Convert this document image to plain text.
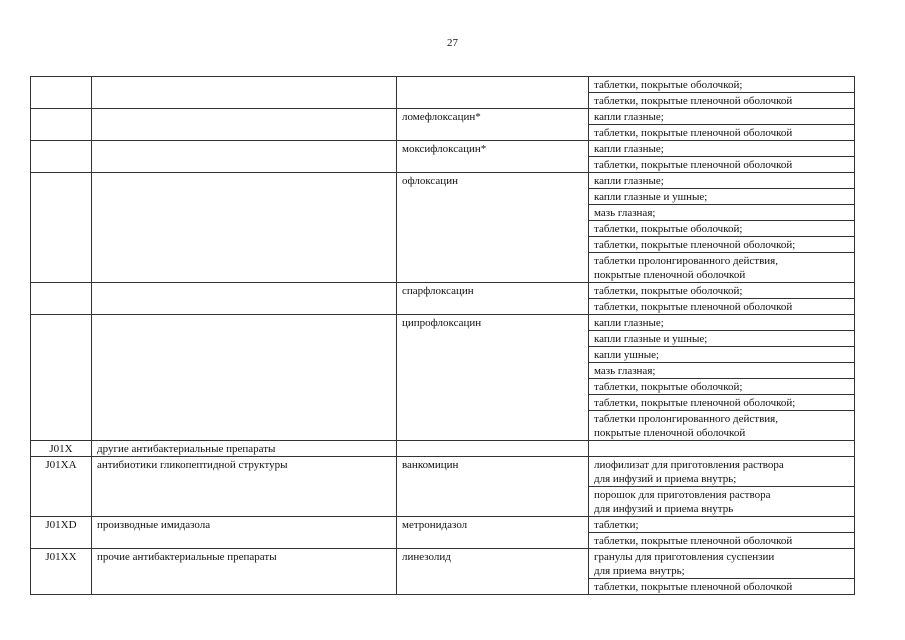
27
			таблетки, покрытые оболочкой;
			таблетки, покрытые пленочной оболочкой
		ломефлоксацин*	капли глазные;
			таблетки, покрытые пленочной оболочкой
		моксифлоксацин*	капли глазные;
			таблетки, покрытые пленочной оболочкой
		офлоксацин	капли глазные;
			капли глазные и ушные;
			мазь глазная;
			таблетки, покрытые оболочкой;
			таблетки, покрытые пленочной оболочкой;
			таблетки пролонгированного действия,
покрытые пленочной оболочкой
		спарфлоксацин	таблетки, покрытые оболочкой;
			таблетки, покрытые пленочной оболочкой
		ципрофлоксацин	капли глазные;
			капли глазные и ушные;
			капли ушные;
			мазь глазная;
			таблетки, покрытые оболочкой;
			таблетки, покрытые пленочной оболочкой;
			таблетки пролонгированного действия,
покрытые пленочной оболочкой
J01X	другие антибактериальные препараты		
J01XA	антибиотики гликопептидной структуры	ванкомицин	лиофилизат для приготовления раствора
для инфузий и приема внутрь;
			порошок для приготовления раствора
для инфузий и приема внутрь
J01XD	производные имидазола	метронидазол	таблетки;
			таблетки, покрытые пленочной оболочкой
J01XX	прочие антибактериальные препараты	линезолид	гранулы для приготовления суспензии
для приема внутрь;
			таблетки, покрытые пленочной оболочкой
